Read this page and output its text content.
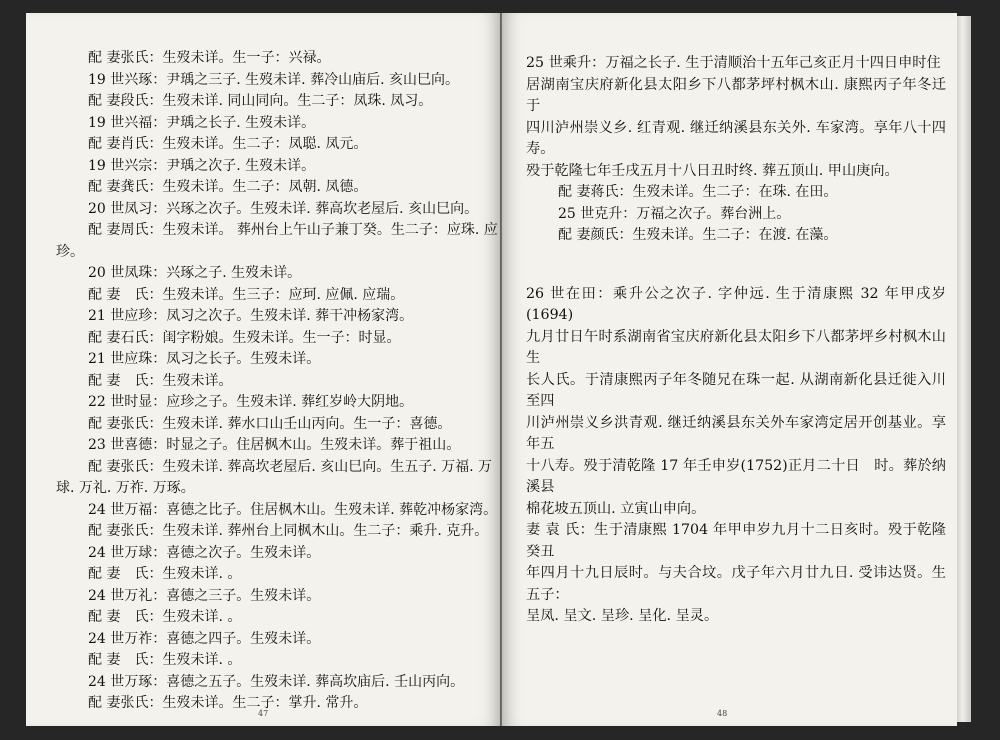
配 妻张氏：生歿未详。生一子：兴禄。
19 世兴琢：尹瑀之三子. 生歿未详. 葬冷山庙后. 亥山巳向。
配 妻段氏：生歿未详. 同山同向。生二子：凤珠. 凤习。
19 世兴福：尹瑀之长子. 生歿未详。
配 妻肖氏：生歿未详。生二子：凤聪. 凤元。
19 世兴宗：尹瑀之次子. 生歿未详。
配 妻龚氏：生歿未详。生二子：凤朝. 凤德。
20 世凤习：兴琢之次子。生歿未详. 葬高坎老屋后. 亥山巳向。
配 妻周氏：生歿未详。 葬州台上午山子兼丁癸。生二子：应珠. 应
珍。
20 世凤珠：兴琢之子. 生歿未详。
配 妻　氏：生歿未详。生三子：应珂. 应佩. 应瑞。
21 世应珍：凤习之次子。生歿未详. 葬干冲杨家湾。
配 妻石氏：闺字粉娘。生歿未详。生一子：时显。
21 世应珠：凤习之长子。生歿未详。
配 妻　氏：生歿未详。
22 世时显：应珍之子。生歿未详. 葬红岁岭大阴地。
配 妻张氏：生歿未详. 葬水口山壬山丙向。生一子：喜德。
23 世喜德：时显之子。住居枫木山。生歿未详。葬于祖山。
配 妻张氏：生歿未详. 葬高坎老屋后. 亥山巳向。生五子. 万福. 万
球. 万礼. 万祚. 万琢。
24 世万福：喜德之比子。住居枫木山。生歿未详. 葬乾冲杨家湾。
配 妻张氏：生歿未详. 葬州台上同枫木山。生二子：乘升. 克升。
24 世万球：喜德之次子。生歿未详。
配 妻　氏：生歿未详. 。
24 世万礼：喜德之三子。生歿未详。
配 妻　氏：生歿未详. 。
24 世万祚：喜德之四子。生歿未详。
配 妻　氏：生歿未详. 。
24 世万琢：喜德之五子。生歿未详. 葬高坎庙后. 壬山丙向。
配 妻张氏：生歿未详。生二子：掌升. 常升。
47
25 世乘升：万福之长子. 生于清顺治十五年己亥正月十四日申时住
居湖南宝庆府新化县太阳乡下八都茅坪村枫木山. 康熙丙子年冬迁于
四川泸州崇义乡. 红青观. 继迁纳溪县东关外. 车家湾。享年八十四寿。
殁于乾隆七年壬戌五月十八日丑时终. 葬五顶山. 甲山庚向。
配 妻蒋氏：生歿未详。生二子：在珠. 在田。
25 世克升：万福之次子。葬台洲上。
配 妻颜氏：生歿未详。生二子：在渡. 在藻。
26 世在田：乘升公之次子. 字仲远. 生于清康熙 32 年甲戌岁(1694)
九月廿日午时系湖南省宝庆府新化县太阳乡下八都茅坪乡村枫木山生
长人氏。于清康熙丙子年冬随兄在珠一起. 从湖南新化县迁徙入川至四
川泸州崇义乡洪青观. 继迁纳溪县东关外车家湾定居开创基业。享年五
十八寿。殁于清乾隆 17 年壬申岁(1752)正月二十日　时。葬於纳溪县
棉花坡五顶山. 立寅山申向。
妻 袁 氏：生于清康熙 1704 年甲申岁九月十二日亥时。殁于乾隆癸丑
年四月十九日辰时。与夫合坟。戊子年六月廿九日. 受讳达贤。生五子：
呈凤. 呈文. 呈珍. 呈化. 呈灵。
48
